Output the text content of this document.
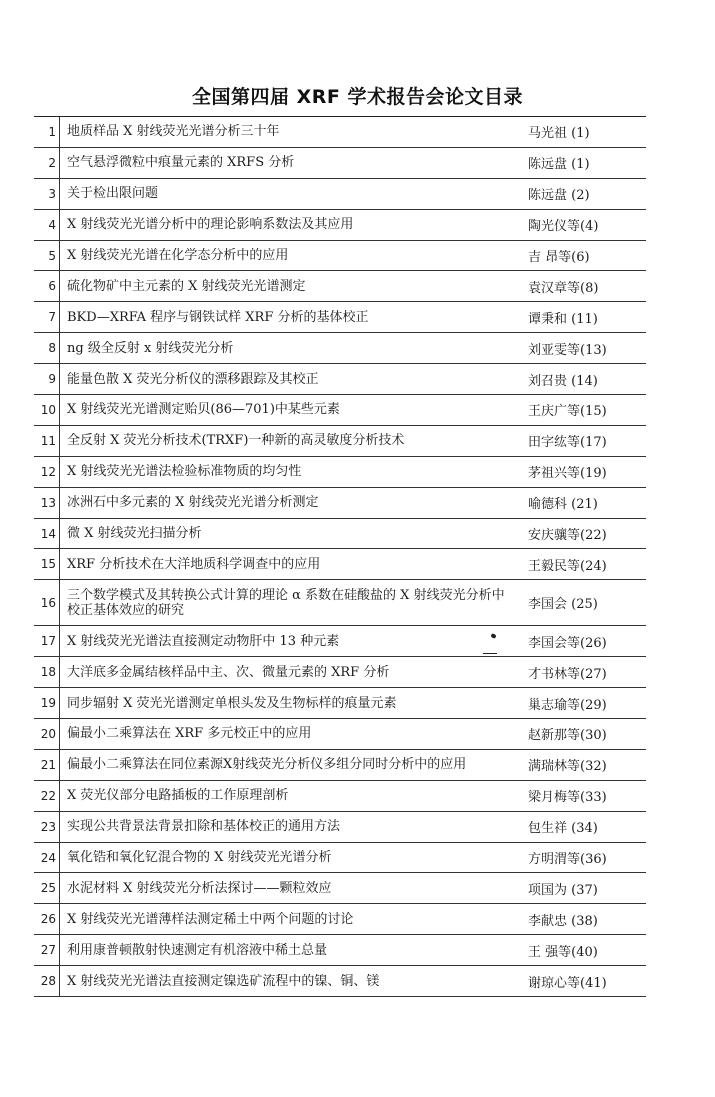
全国第四届 XRF 学术报告会论文目录
1 地质样品 X 射线荧光光谱分析三十年	马光祖 (1)
2 空气悬浮微粒中痕量元素的 XRFS 分析	陈远盘 (1)
3 关于检出限问题	陈远盘 (2)
4 X 射线荧光光谱分析中的理论影响系数法及其应用	陶光仪等(4)
5 X 射线荧光光谱在化学态分析中的应用	吉 昂等(6)
6 硫化物矿中主元素的 X 射线荧光光谱测定	袁汉章等(8)
7 BKD—XRFA 程序与钢铁试样 XRF 分析的基体校正	谭秉和 (11)
8 ng 级全反射 x 射线荧光分析	刘亚雯等(13)
9 能量色散 X 荧光分析仪的漂移跟踪及其校正	刘召贵 (14)
10 X 射线荧光光谱测定贻贝(86—701)中某些元素	王庆广等(15)
11 全反射 X 荧光分析技术(TRXF)一种新的高灵敏度分析技术	田字纮等(17)
12 X 射线荧光光谱法检验标准物质的均匀性	茅祖兴等(19)
13 冰洲石中多元素的 X 射线荧光光谱分析测定	喻德科 (21)
14 微 X 射线荧光扫描分析	安庆骧等(22)
15 XRF 分析技术在大洋地质科学调查中的应用	王毅民等(24)
16 三个数学模式及其转换公式计算的理论 α 系数在硅酸盐的 X 射线荧光分析中校正基体效应的研究	李国会 (25)
17 X 射线荧光光谱法直接测定动物肝中 13 种元素	李国会等(26)
18 大洋底多金属结核样品中主、次、微量元素的 XRF 分析	才书林等(27)
19 同步辐射 X 荧光光谱测定单根头发及生物标样的痕量元素	巢志瑜等(29)
20 偏最小二乘算法在 XRF 多元校正中的应用	赵新那等(30)
21 偏最小二乘算法在同位素源X射线荧光分析仪多组分同时分析中的应用	满瑞林等(32)
22 X 荧光仪部分电路插板的工作原理剖析	梁月梅等(33)
23 实现公共背景法背景扣除和基体校正的通用方法	包生祥 (34)
24 氧化锆和氧化钇混合物的 X 射线荧光光谱分析	方明渭等(36)
25 水泥材料 X 射线荧光分析法探讨——颗粒效应	项国为 (37)
26 X 射线荧光光谱薄样法测定稀土中两个问题的讨论	李献忠 (38)
27 利用康普顿散射快速测定有机溶液中稀土总量	王 强等(40)
28 X 射线荧光光谱法直接测定镍选矿流程中的镍、铜、镁	谢琼心等(41)
